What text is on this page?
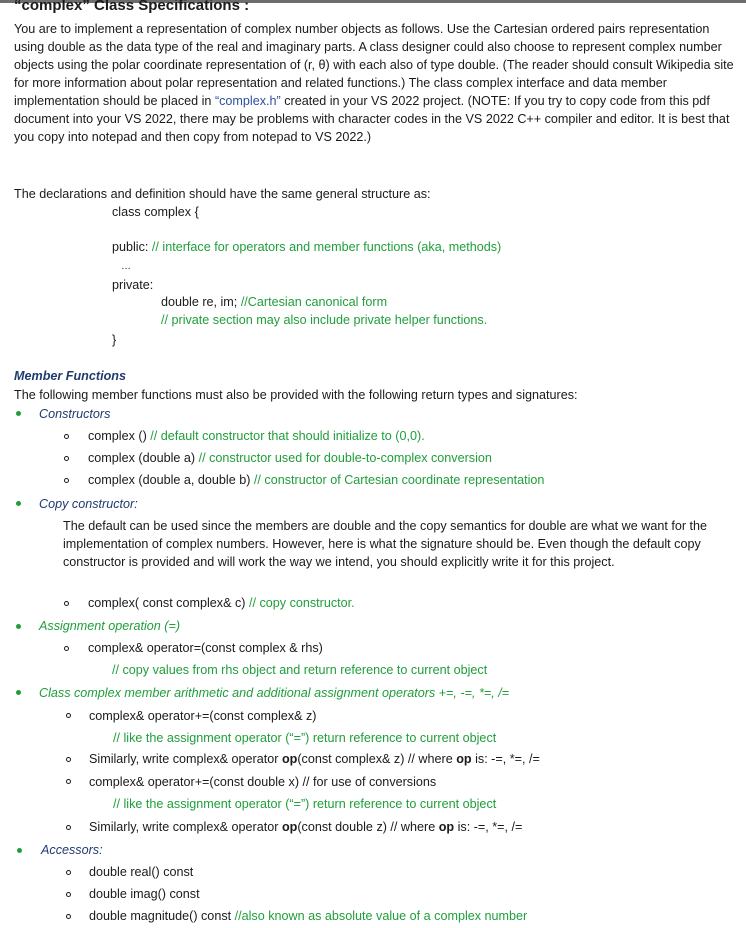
“complex” Class Specifications :
You are to implement a representation of complex number objects as follows. Use the Cartesian ordered pairs representation using double as the data type of the real and imaginary parts. A class designer could also choose to represent complex number objects using the polar coordinate representation of (r, θ) with each also of type double. (The reader should consult Wikipedia site for more information about polar representation and related functions.) The class complex interface and data member implementation should be placed in “complex.h” created in your VS 2022 project. (NOTE: If you try to copy code from this pdf document into your VS 2022, there may be problems with character codes in the VS 2022 C++ compiler and editor. It is best that you copy into notepad and then copy from notepad to VS 2022.)
The declarations and definition should have the same general structure as:
class complex {
public: // interface for operators and member functions (aka, methods)
…
private:
double re, im; //Cartesian canonical form
// private section may also include private helper functions.
}
Member Functions
The following member functions must also be provided with the following return types and signatures:
Constructors
complex () // default constructor that should initialize to (0,0).
complex (double a) // constructor used for double-to-complex conversion
complex (double a, double b) // constructor of Cartesian coordinate representation
Copy constructor:
The default can be used since the members are double and the copy semantics for double are what we want for the implementation of complex numbers. However, here is what the signature should be. Even though the default copy constructor is provided and will work the way we intend, you should explicitly write it for this project.
complex( const complex& c) // copy constructor.
Assignment operation (=)
complex& operator=(const complex & rhs)
// copy values from rhs object and return reference to current object
Class complex member arithmetic and additional assignment operators +=, -=, *=, /=
complex& operator+=(const complex& z)
// like the assignment operator (“=”) return reference to current object
Similarly, write complex& operator op(const complex& z) // where op is: -=, *=, /=
complex& operator+=(const double x) // for use of conversions
// like the assignment operator (“=”) return reference to current object
Similarly, write complex& operator op(const double z) // where op is: -=, *=, /=
Accessors:
double real() const
double imag() const
double magnitude() const //also known as absolute value of a complex number
